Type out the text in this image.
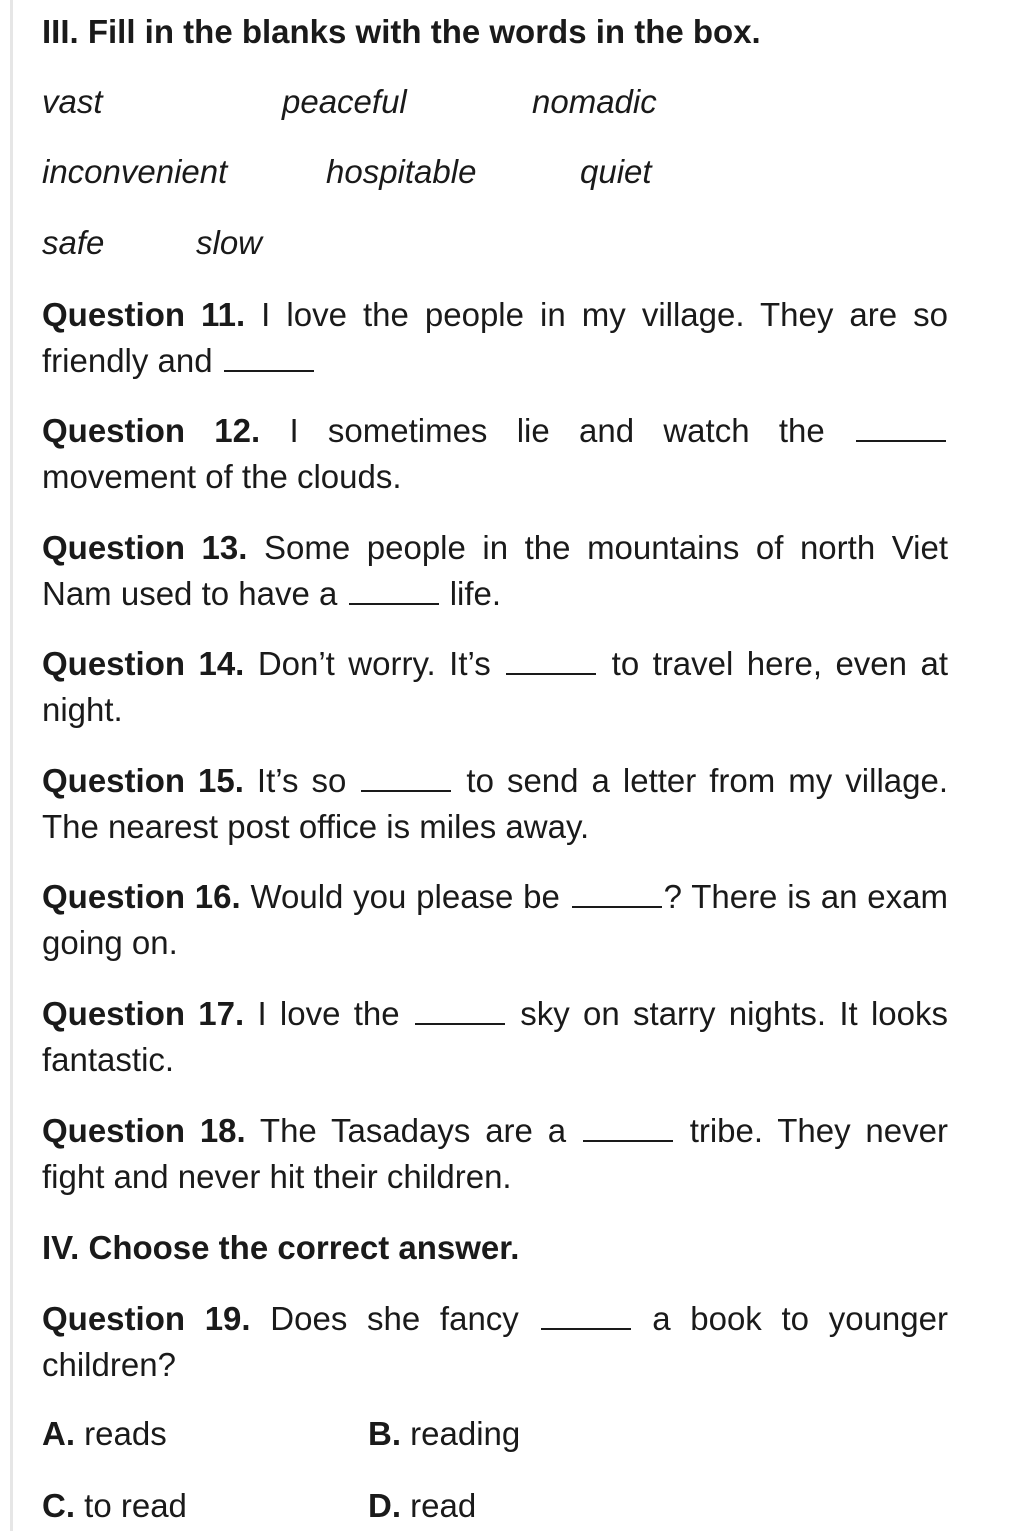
III. Fill in the blanks with the words in the box.
vast	peaceful	nomadic
inconvenient	hospitable	quiet
safe	slow
Question 11. I love the people in my village. They are so friendly and
Question 12. I sometimes lie and watch the  movement of the clouds.
Question 13. Some people in the mountains of north Viet Nam used to have a	life.
Question 14. Don’t worry. It’s	to travel here, even at night.
Question 15. It’s so	to send a letter from my village. The nearest post office is miles away.
Question 16. Would you please be	? There is an exam going on.
Question 17. I love the	sky on starry nights. It looks fantastic.
Question 18. The Tasadays are a	tribe. They never fight and never hit their children.
IV. Choose the correct answer.
Question 19. Does she fancy	a book to younger children?
A. reads	B. reading
C. to read	D. read
